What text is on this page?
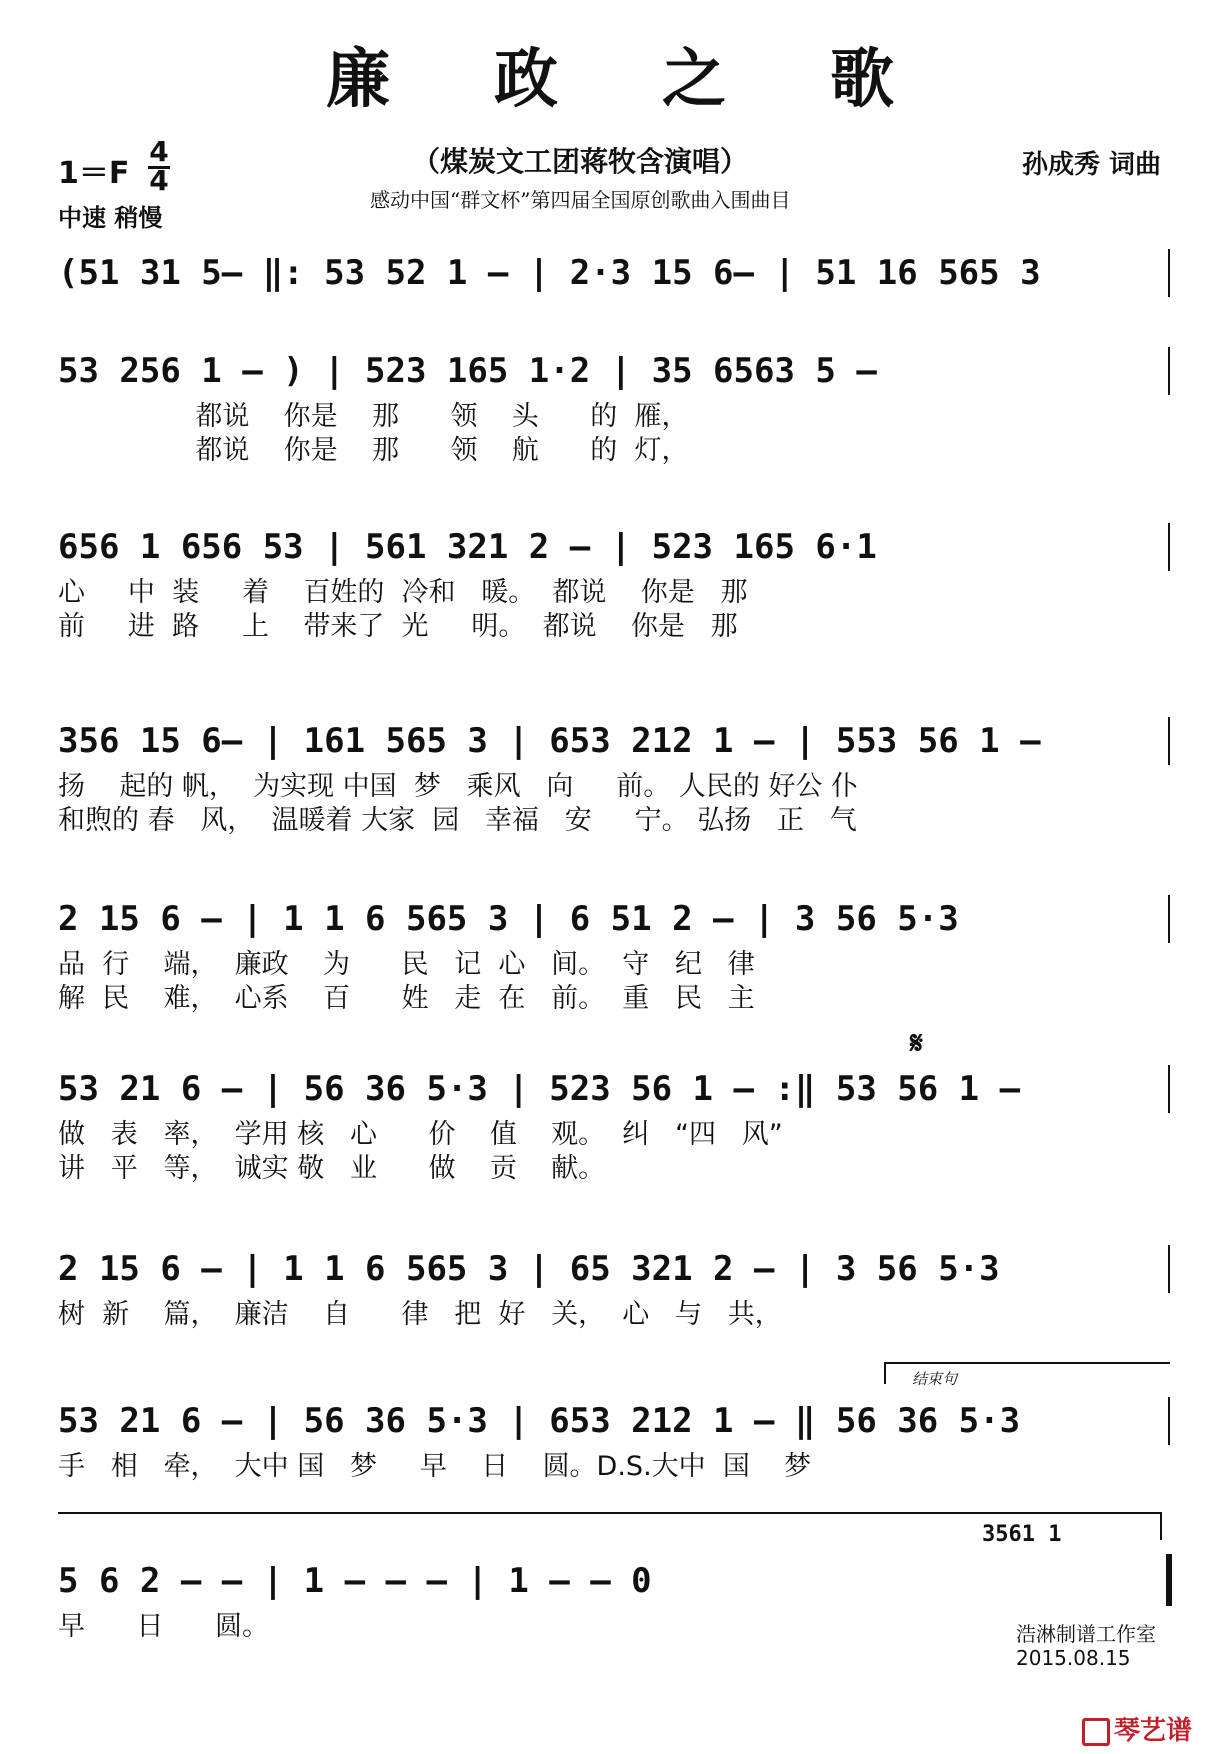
廉 政 之 歌
1＝F
4
4
中速 稍慢
（煤炭文工团蒋牧含演唱）
感动中国“群文杯”第四届全国原创歌曲入围曲目
孙成秀 词曲
(51 31 5– ‖: 53 52 1 – | 2·3 15 6– | 51 16 565 3
53 256 1 – ) | 523 165 1·2 | 35 6563 5 –
都说    你是    那      领    头      的  雁，
都说    你是    那      领    航      的  灯，
656 1 656 53 | 561 321 2 – | 523 165 6·1
心     中  装     着    百姓的  冷和   暖。  都说    你是   那
前     进  路     上    带来了  光     明。  都说    你是   那
356 15 6– | 161 565 3 | 653 212 1 – | 553 56 1 –
扬    起的 帆，  为实现 中国  梦   乘风   向     前。 人民的 好公 仆
和煦的 春   风，  温暖着 大家  园   幸福   安     宁。 弘扬   正   气
2 15 6 – | 1 1 6 565 3 | 6 51 2 – | 3 56 5·3
品  行    端，  廉政    为      民   记  心   间。  守   纪   律
解  民    难，  心系    百      姓   走  在   前。  重   民   主
𝄋
53 21 6 – | 56 36 5·3 | 523 56 1 – :‖ 53 56 1 –
做   表   率，  学用 核   心      价    值    观。  纠   “四   风”
讲   平   等，  诚实 敬   业      做    贡    献。
2 15 6 – | 1 1 6 565 3 | 65 321 2 – | 3 56 5·3
树  新    篇，  廉洁    自      律   把  好   关，  心   与   共，
结束句
53 21 6 – | 56 36 5·3 | 653 212 1 – ‖ 56 36 5·3
手   相   牵，  大中 国   梦     早    日    圆。D.S.大中  国    梦
3561 1
5 6 2 – – | 1 – – – | 1 – – 0
早      日      圆。	浩淋制谱工作室
2015.08.15
琴艺谱
